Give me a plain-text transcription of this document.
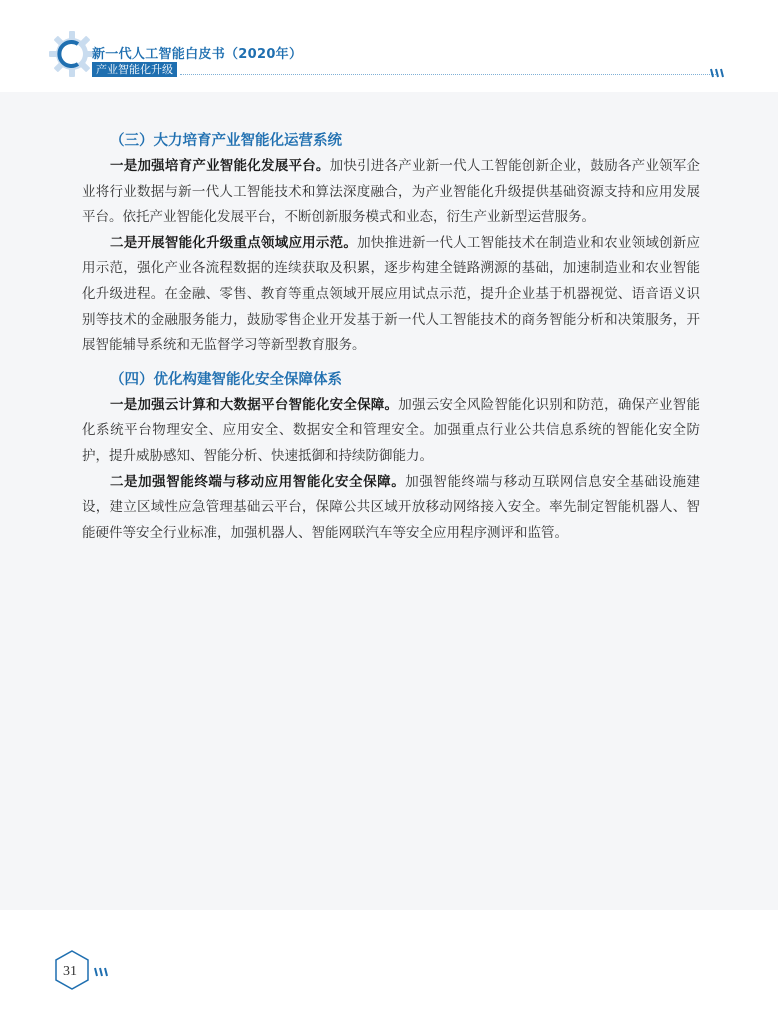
新一代人工智能白皮书（2020年）
产业智能化升级
（三）大力培育产业智能化运营系统

一是加强培育产业智能化发展平台。加快引进各产业新一代人工智能创新企业，鼓励各产业领军企业将行业数据与新一代人工智能技术和算法深度融合，为产业智能化升级提供基础资源支持和应用发展平台。依托产业智能化发展平台，不断创新服务模式和业态，衍生产业新型运营服务。

二是开展智能化升级重点领域应用示范。加快推进新一代人工智能技术在制造业和农业领域创新应用示范，强化产业各流程数据的连续获取及积累，逐步构建全链路溯源的基础，加速制造业和农业智能化升级进程。在金融、零售、教育等重点领域开展应用试点示范，提升企业基于机器视觉、语音语义识别等技术的金融服务能力，鼓励零售企业开发基于新一代人工智能技术的商务智能分析和决策服务，开展智能辅导系统和无监督学习等新型教育服务。

（四）优化构建智能化安全保障体系

一是加强云计算和大数据平台智能化安全保障。加强云安全风险智能化识别和防范，确保产业智能化系统平台物理安全、应用安全、数据安全和管理安全。加强重点行业公共信息系统的智能化安全防护，提升威胁感知、智能分析、快速抵御和持续防御能力。

二是加强智能终端与移动应用智能化安全保障。加强智能终端与移动互联网信息安全基础设施建设，建立区域性应急管理基础云平台，保障公共区域开放移动网络接入安全。率先制定智能机器人、智能硬件等安全行业标准，加强机器人、智能网联汽车等安全应用程序测评和监管。

31
